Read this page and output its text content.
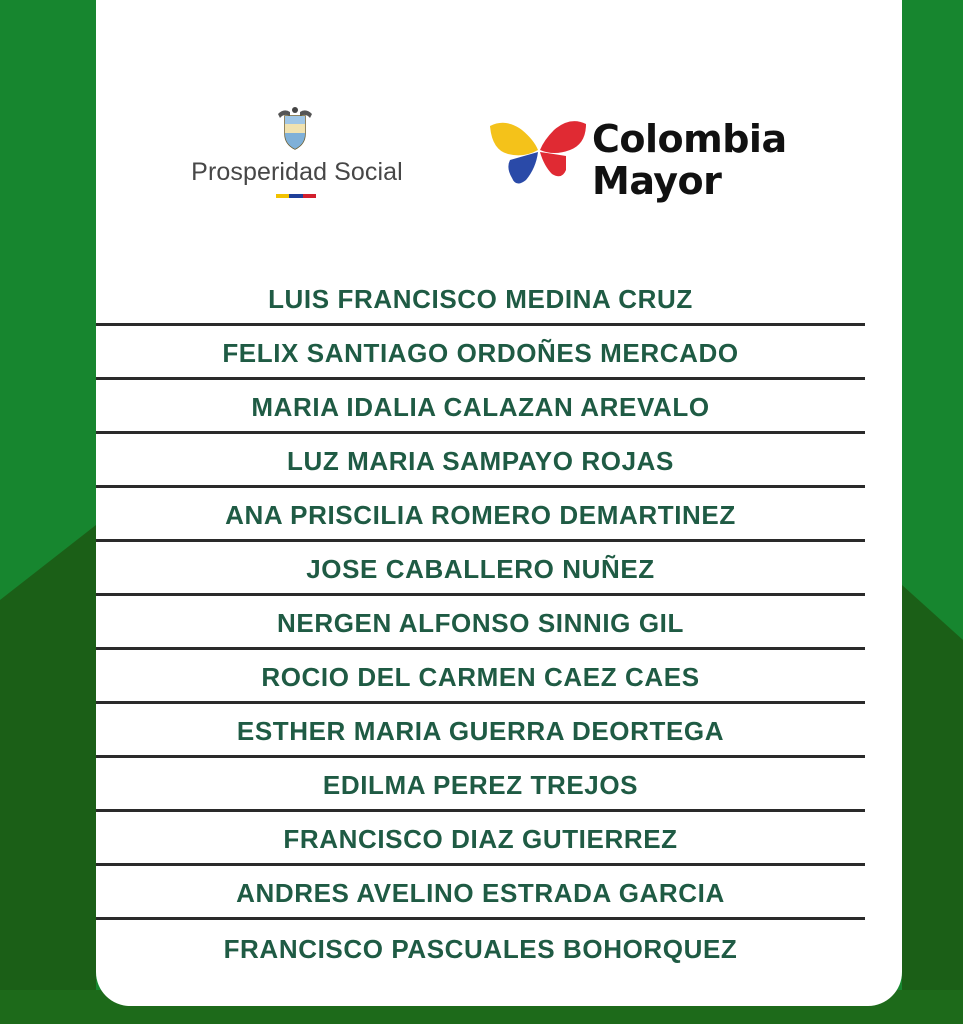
Prosperidad Social
Colombia
Mayor
LUIS FRANCISCO MEDINA CRUZ
FELIX SANTIAGO ORDOÑES MERCADO
MARIA IDALIA CALAZAN AREVALO
LUZ MARIA SAMPAYO ROJAS
ANA PRISCILIA ROMERO DEMARTINEZ
JOSE CABALLERO NUÑEZ
NERGEN ALFONSO SINNIG GIL
ROCIO DEL CARMEN CAEZ CAES
ESTHER MARIA GUERRA DEORTEGA
EDILMA PEREZ TREJOS
FRANCISCO DIAZ GUTIERREZ
ANDRES AVELINO ESTRADA GARCIA
FRANCISCO PASCUALES BOHORQUEZ
